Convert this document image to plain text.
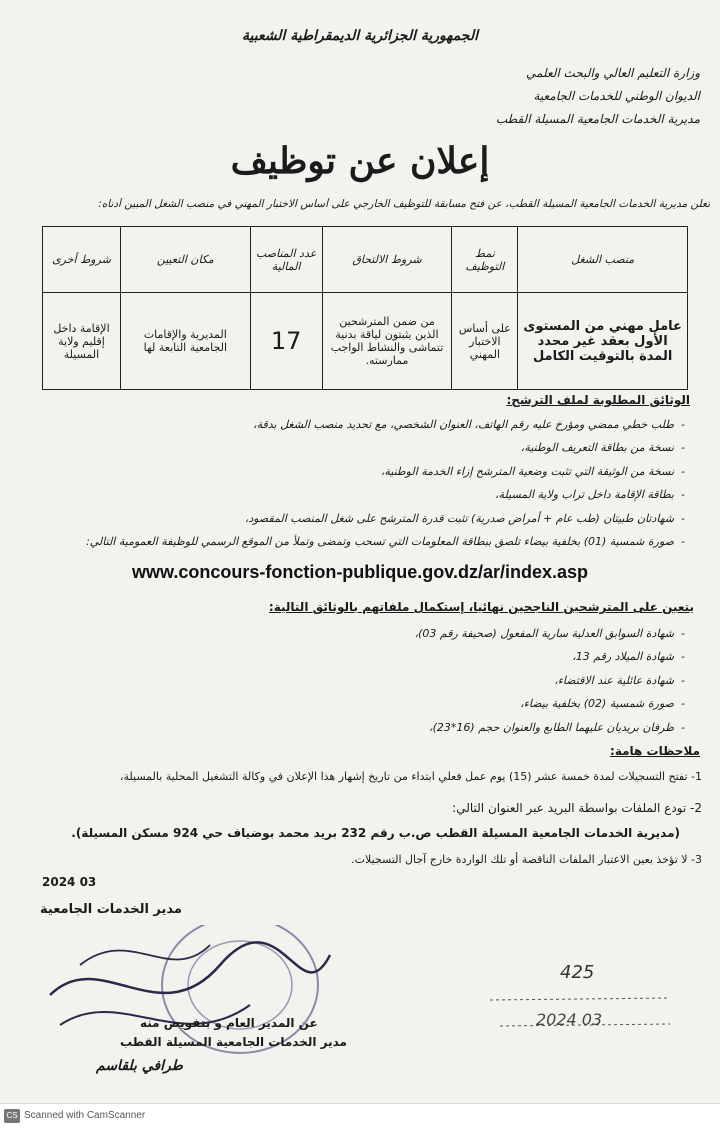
الجمهورية الجزائرية الديمقراطية الشعبية
وزارة التعليم العالي والبحث العلمي
الديوان الوطني للخدمات الجامعية
مديرية الخدمات الجامعية المسيلة القطب
إعلان عن توظيف
تعلن مديرية الخدمات الجامعية المسيلة القطب، عن فتح مسابقة للتوظيف الخارجي على أساس الاختبار المهني في منصب الشغل المبين أدناه:
منصب الشغل	نمط التوظيف	شروط الالتحاق	عدد المناصب المالية	مكان التعيين	شروط أخرى
عامل مهني من المستوى الأول بعقد غير محدد المدة بالتوقيت الكامل	على أساس الاختبار المهني	من ضمن المترشحين الذين يثبتون لياقة بدنية تتماشى والنشاط الواجب ممارسته.	17	المديرية والإقامات الجامعية التابعة لها	الإقامة داخل إقليم ولاية المسيلة
الوثائق المطلوبة لملف الترشح:
-طلب خطي ممضي ومؤرخ عليه رقم الهاتف، العنوان الشخصي، مع تحديد منصب الشغل بدقة،
-نسخة من بطاقة التعريف الوطنية،
-نسخة من الوثيقة التي تثبت وضعية المترشح إزاء الخدمة الوطنية،
-بطاقة الإقامة داخل تراب ولاية المسيلة،
-شهادتان طبيتان (طب عام + أمراض صدرية) تثبت قدرة المترشح على شغل المنصب المقصود،
-صورة شمسية (01) بخلفية بيضاء تلصق ببطاقة المعلومات التي تسحب وتمضى وتملأ من الموقع الرسمي للوظيفة العمومية التالي:
www.concours-fonction-publique.gov.dz/ar/index.asp
يتعين على المترشحين الناجحين نهائيا، إستكمال ملفاتهم بالوثائق التالية:
-شهادة السوابق العدلية سارية المفعول (صحيفة رقم 03)،
-شهادة الميلاد رقم 13،
-شهادة عائلية عند الاقتضاء،
-صورة شمسية (02) بخلفية بيضاء،
-ظرفان بريديان عليهما الطابع والعنوان حجم (16*23)،
ملاحظات هامة:
1- تفتح التسجيلات لمدة خمسة عشر (15) يوم عمل فعلي ابتداء من تاريخ إشهار هذا الإعلان في وكالة التشغيل المحلية بالمسيلة،
2- تودع الملفات بواسطة البريد عبر العنوان التالي:
(مديرية الخدمات الجامعية المسيلة القطب ص.ب رقم 232 بريد محمد بوضياف حي 924 مسكن المسيلة).
3- لا تؤخذ بعين الاعتبار الملفات الناقصة أو تلك الواردة خارج آجال التسجيلات.
2024 03
مدير الخدمات الجامعية
عن المدير العام و بتفويض منه
مدير الخدمات الجامعية المسيلة القطب
طرافي بلقاسم
425
2024 03
CS Scanned with CamScanner
